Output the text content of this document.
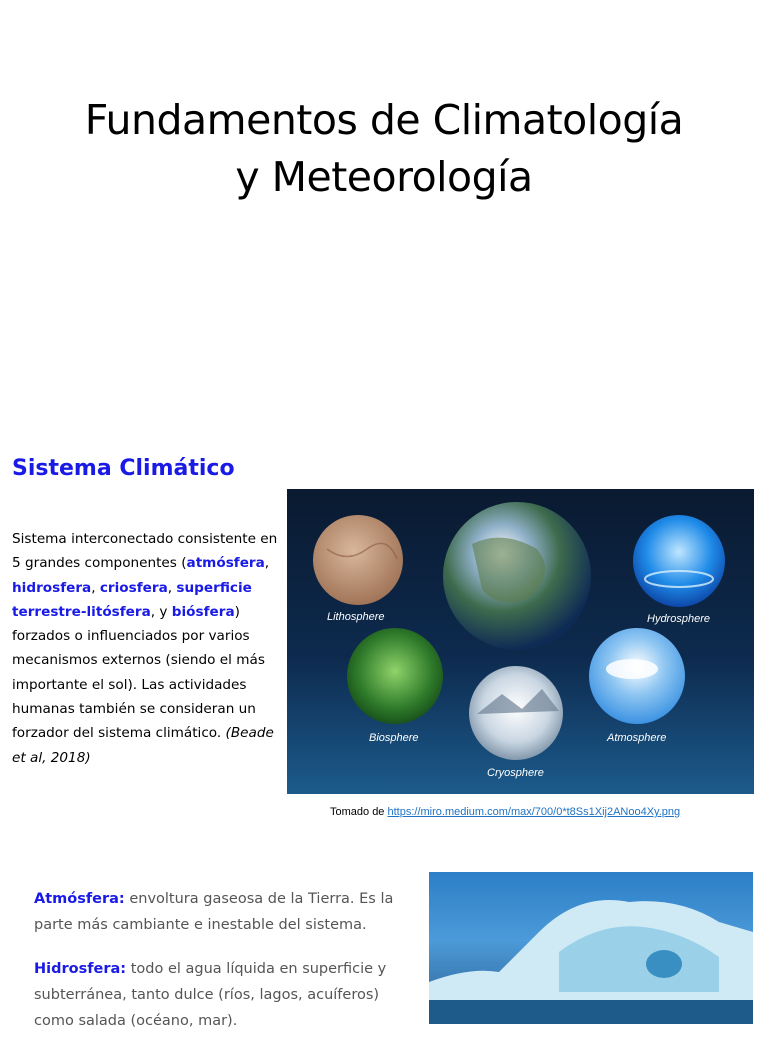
Fundamentos de Climatología
y Meteorología
Sistema Climático

Sistema interconectado consistente en 5 grandes componentes (atmósfera, hidrosfera, criosfera, superficie terrestre-litósfera, y biósfera) forzados o influenciados por varios mecanismos externos (siendo el más importante el sol). Las actividades humanas también se consideran un forzador del sistema climático. (Beade et al, 2018)

Lithosphere	Hydrosphere
Biosphere	Atmosphere
Cryosphere
Tomado de https://miro.medium.com/max/700/0*t8Ss1Xij2ANoo4Xy.png

Atmósfera: envoltura gaseosa de la Tierra. Es la parte más cambiante e inestable del sistema.

Hidrosfera: todo el agua líquida en superficie y subterránea, tanto dulce (ríos, lagos, acuíferos) como salada (océano, mar).
